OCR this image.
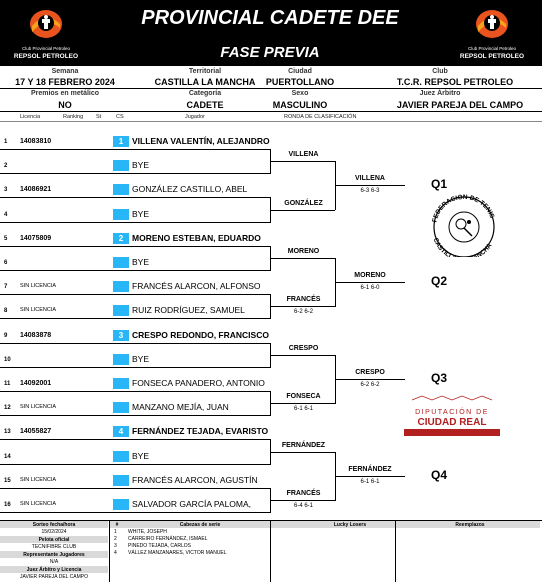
Club Provincial Petroleo
REPSOL PETROLEO
PROVINCIAL CADETE DEE
FASE PREVIA	Club Provincial Petroleo
REPSOL PETROLEO
Semana	Territorial	Ciudad	Club
17 Y 18 FEBRERO 2024	CASTILLA LA MANCHA	PUERTOLLANO	T.C.R. REPSOL PETROLEO
Premios en metálico	Categoría	Sexo	Juez Árbitro
NO	CADETE	MASCULINO	JAVIER PAREJA DEL CAMPO
Licencia	Ranking St	CS	Jugador	RONDA DE CLASIFICACIÓN
1	14083810	1	VILLENA VALENTÍN, ALEJANDRO
2	BYE
3	14086921	GONZÁLEZ CASTILLO, ABEL
4	BYE
5	14075809	2	MORENO ESTEBAN, EDUARDO
6	BYE
7	SIN LICENCIA	FRANCÉS ALARCON, ALFONSO
8	SIN LICENCIA	RUIZ RODRÍGUEZ, SAMUEL
9	14083878	3	CRESPO REDONDO, FRANCISCO
10	BYE
11	14092001	FONSECA PANADERO, ANTONIO
12	SIN LICENCIA	MANZANO MEJÍA, JUAN
13	14055827	4	FERNÁNDEZ TEJADA, EVARISTO
14	BYE
15	SIN LICENCIA	FRANCÉS ALARCON, AGUSTÍN
16	SIN LICENCIA	SALVADOR GARCÍA PALOMA,
VILLENA
GONZÁLEZ
MORENO
FRANCÉS
6-2 6-2
CRESPO
FONSECA
6-1 6-1
FERNÁNDEZ
FRANCÉS
6-4 6-1
VILLENA
6-3 6-3	Q1
MORENO
6-1 6-0	Q2
CRESPO
6-2 6-2	Q3
FERNÁNDEZ
6-1 6-1	Q4
FEDERACION DE TENIS
CASTILL NCHA
DIPUTACIÓN DE
CIUDAD REAL
Sorteo fecha/hora
15/02/2024
Pelota oficial
TECNIFIBRE CLUB
Representante Jugadores
N/A
Juez Árbitro y Licencia
JAVIER PAREJA DEL CAMPO
#	Cabezas de serie	Lucky Losers	Reemplazos
1 WHITE, JOSEPH
2 CARREIRO FERNÁNDEZ, ISMAEL
3 PINEDO TEJADA, CARLOS
4 VÁLLEZ MANZANARES, VICTOR MANUEL
